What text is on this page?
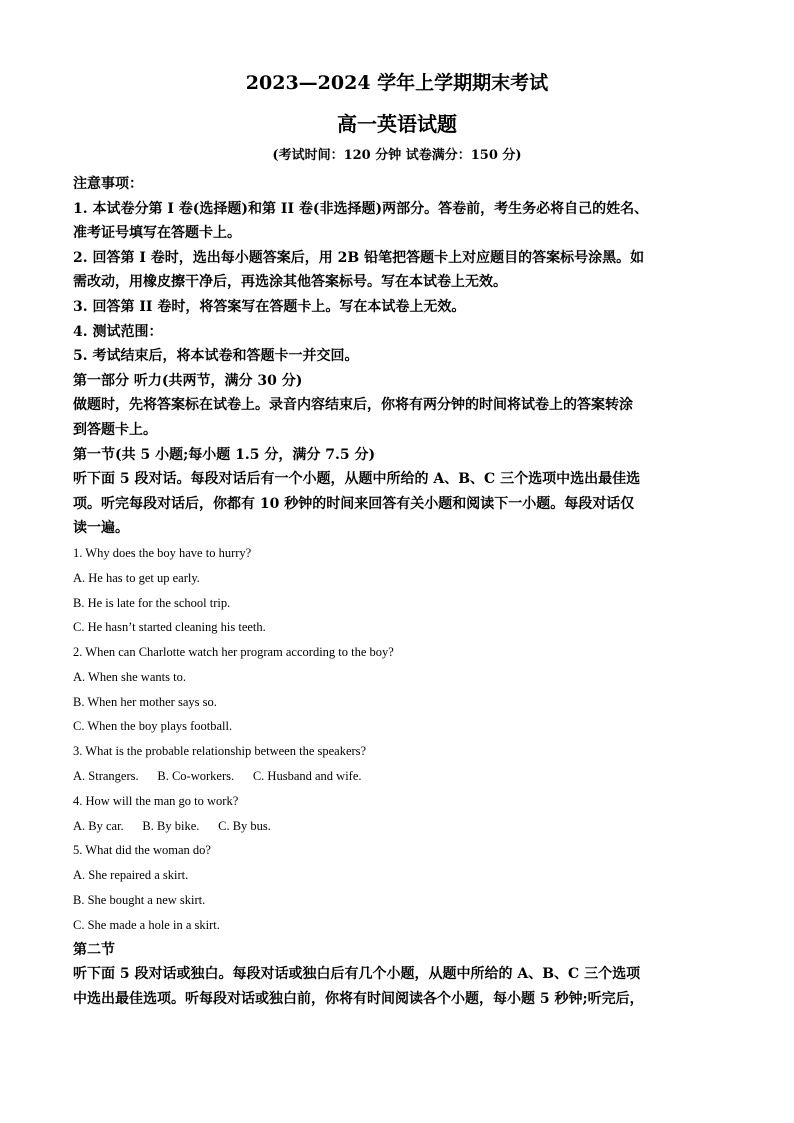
2023—2024 学年上学期期末考试
高一英语试题
(考试时间：120 分钟 试卷满分：150 分)

注意事项：

1. 本试卷分第 I 卷(选择题)和第 II 卷(非选择题)两部分。答卷前，考生务必将自己的姓名、

准考证号填写在答题卡上。

2. 回答第 I 卷时，选出每小题答案后，用 2B 铅笔把答题卡上对应题目的答案标号涂黑。如

需改动，用橡皮擦干净后，再选涂其他答案标号。写在本试卷上无效。

3. 回答第 II 卷时，将答案写在答题卡上。写在本试卷上无效。

4. 测试范围：

5. 考试结束后，将本试卷和答题卡一并交回。

第一部分 听力(共两节，满分 30 分)

做题时，先将答案标在试卷上。录音内容结束后，你将有两分钟的时间将试卷上的答案转涂

到答题卡上。

第一节(共 5 小题;每小题 1.5 分，满分 7.5 分)

听下面 5 段对话。每段对话后有一个小题，从题中所给的 A、B、C 三个选项中选出最佳选

项。听完每段对话后，你都有 10 秒钟的时间来回答有关小题和阅读下一小题。每段对话仅

读一遍。

1. Why does the boy have to hurry?

A. He has to get up early.

B. He is late for the school trip.

C. He hasn’t started cleaning his teeth.

2. When can Charlotte watch her program according to the boy?

A. When she wants to.

B. When her mother says so.

C. When the boy plays football.

3. What is the probable relationship between the speakers?

A. Strangers.      B. Co-workers.      C. Husband and wife.

4. How will the man go to work?

A. By car.      B. By bike.      C. By bus.

5. What did the woman do?

A. She repaired a skirt.

B. She bought a new skirt.

C. She made a hole in a skirt.

第二节

听下面 5 段对话或独白。每段对话或独白后有几个小题，从题中所给的 A、B、C 三个选项

中选出最佳选项。听每段对话或独白前，你将有时间阅读各个小题，每小题 5 秒钟;听完后，
